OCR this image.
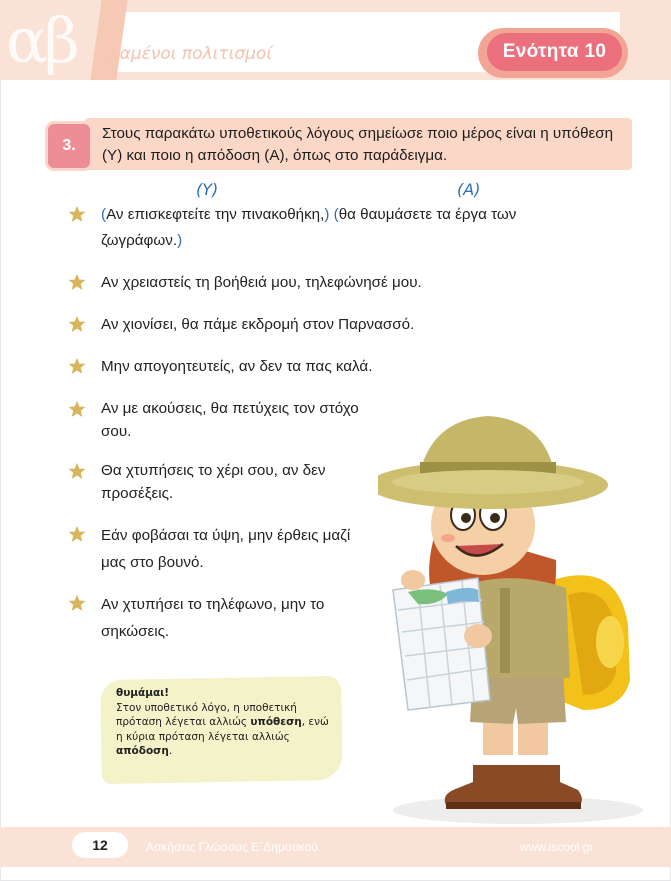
αβ Χαμένοι πολιτισμοί	Ενότητα 10
3.
Στους παρακάτω υποθετικούς λόγους σημείωσε ποιο μέρος είναι η υπόθεση (Υ) και ποιο η απόδοση (Α), όπως στο παράδειγμα.
(Υ)	(Α)
(Αν επισκεφτείτε την πινακοθήκη,) (θα θαυμάσετε τα έργα των
ζωγράφων.)
Αν χρειαστείς τη βοήθειά μου, τηλεφώνησέ μου.
Αν χιονίσει, θα πάμε εκδρομή στον Παρνασσό.
Μην απογοητευτείς, αν δεν τα πας καλά.
Αν με ακούσεις, θα πετύχεις τον στόχο
σου.
Θα χτυπήσεις το χέρι σου, αν δεν
προσέξεις.
Εάν φοβάσαι τα ύψη, μην έρθεις μαζί
μας στο βουνό.
Αν χτυπήσει το τηλέφωνο, μην το
σηκώσεις.
θυμάμαι!
Στον υποθετικό λόγο, η υποθετική πρόταση λέγεται αλλιώς υπόθεση, ενώ η κύρια πρόταση λέγεται αλλιώς απόδοση.
12	Ασκήσεις Γλώσσας Ε΄Δημοτικού	www.iscool.gr
